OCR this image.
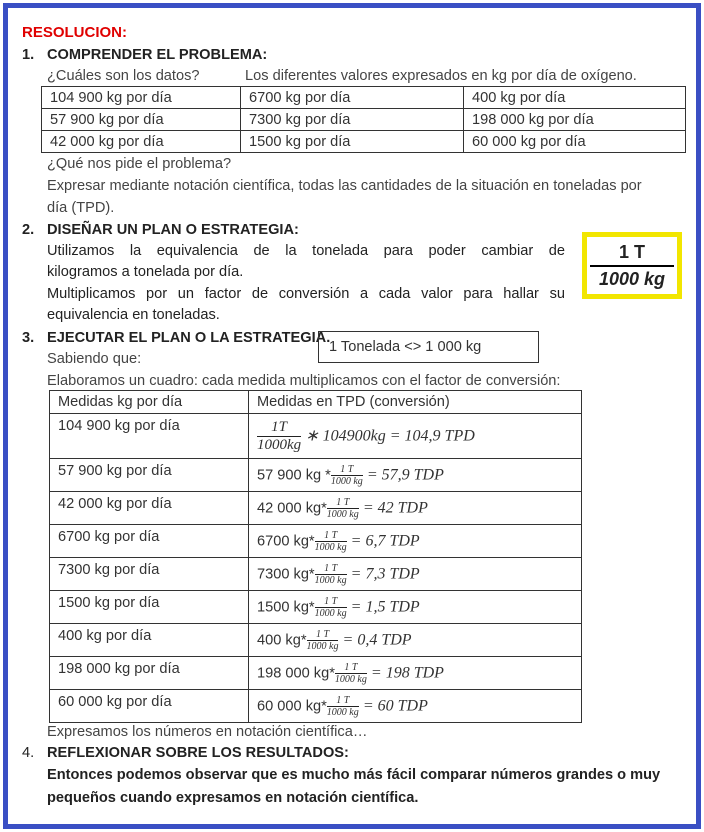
RESOLUCION:
1. COMPRENDER EL PROBLEMA:
¿Cuáles son los datos?	Los diferentes valores expresados en kg por día de oxígeno.
104 900 kg por día	6700 kg por día	400 kg por día
57 900 kg por día	7300 kg por día	198 000 kg por día
42 000 kg por día	1500 kg por día	60 000 kg por día
¿Qué nos pide el problema?
Expresar mediante notación científica, todas las cantidades de la situación en toneladas por
día (TPD).
2. DISEÑAR UN PLAN O ESTRATEGIA:
Utilizamos la equivalencia de la tonelada para poder cambiar de
kilogramos a tonelada por día.
Multiplicamos por un factor de conversión a cada valor para hallar su
equivalencia en toneladas.
1 T
1000 kg
3. EJECUTAR EL PLAN O LA ESTRATEGIA.
Sabiendo que:
1 Tonelada <> 1 000 kg
Elaboramos un cuadro: cada medida multiplicamos con el factor de conversión:
Medidas kg por día	Medidas en TPD (conversión)
104 900 kg por día	$\frac{1T}{1000kg}$ ∗ 104900kg = 104,9 TPD
57 900 kg por día	57 900 kg * $\frac{1 T}{1000 kg} = 57,9$ TDP
42 000 kg por día	42 000 $kg* \frac{1 T}{1000 kg} = 42$ TDP
6700 kg por día	6700 $kg* \frac{1 T}{1000 kg} = 6,7$ TDP
7300 kg por día	7300 $kg* \frac{1 T}{1000 kg} = 7,3$ TDP
1500 kg por día	1500 $kg* \frac{1 T}{1000 kg} = 1,5$ TDP
400 kg por día	400 $kg* \frac{1 T}{1000 kg} = 0,4$ TDP
198 000 kg por día	198 000 $kg* \frac{1 T}{1000 kg} = 198$ TDP
60 000 kg por día	60 000 $kg* \frac{1 T}{1000 kg} = 60$ TDP
Expresamos los números en notación científica…
4. REFLEXIONAR SOBRE LOS RESULTADOS:
Entonces podemos observar que es mucho más fácil comparar números grandes o muy
pequeños cuando expresamos en notación científica.
